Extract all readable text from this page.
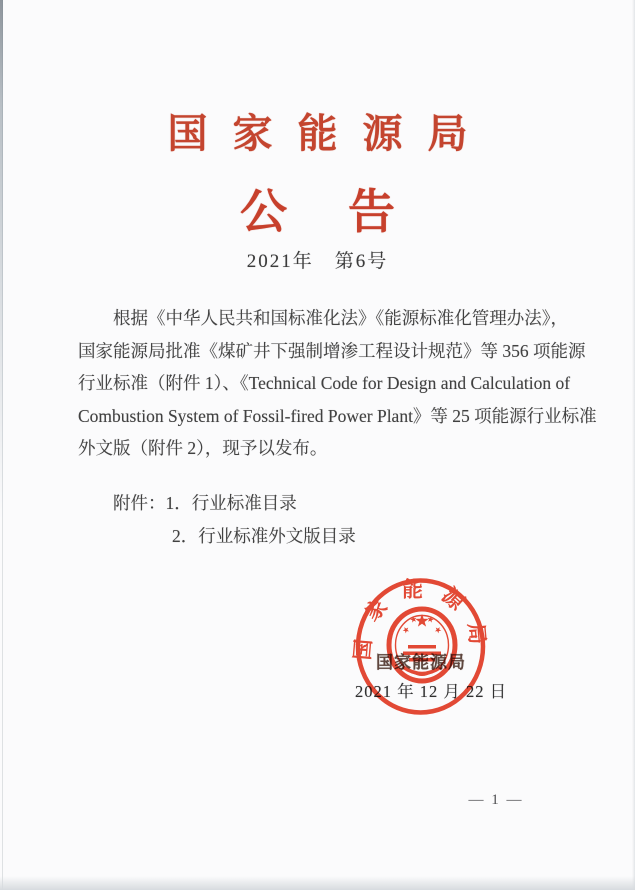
国家能源局
公告
2021年　第6号
根据《中华人民共和国标准化法》《能源标准化管理办法》，
国家能源局批准《煤矿井下强制增渗工程设计规范》等 356 项能源
行业标准（附件 1）、《Technical Code for Design and Calculation of
Combustion System of Fossil-fired Power Plant》等 25 项能源行业标准
外文版（附件 2），现予以发布。
附件：1．行业标准目录
2．行业标准外文版目录
国家能源局
国家能源局
2021 年 12 月 22 日
— 1 —
